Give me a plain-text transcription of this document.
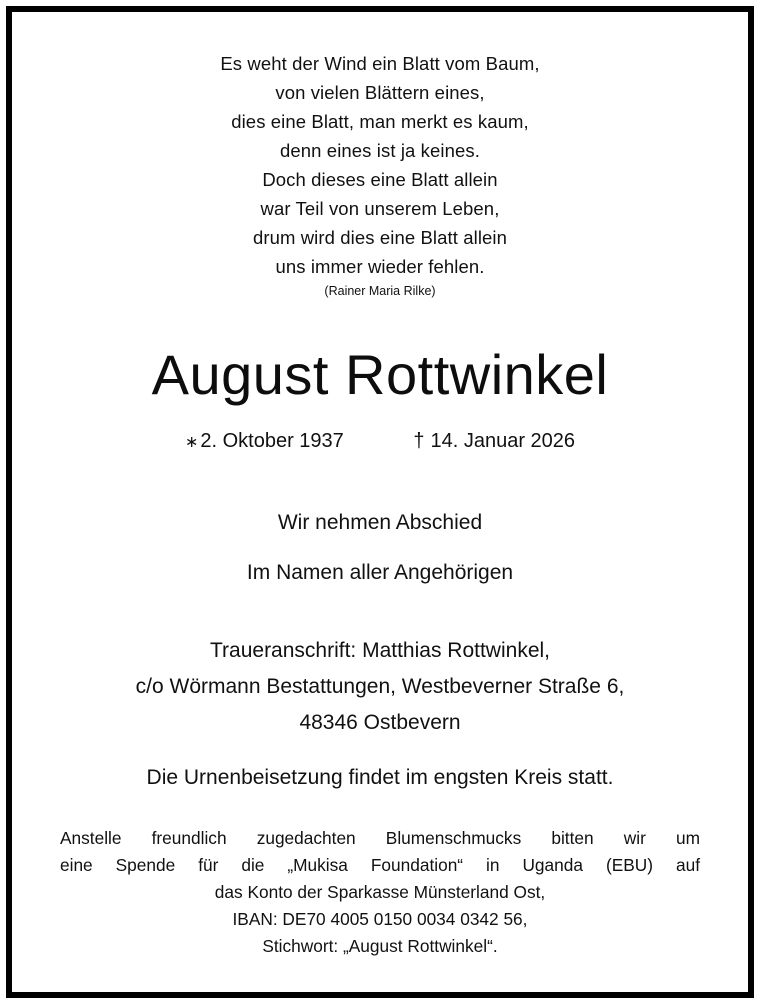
Es weht der Wind ein Blatt vom Baum,
von vielen Blättern eines,
dies eine Blatt, man merkt es kaum,
denn eines ist ja keines.
Doch dieses eine Blatt allein
war Teil von unserem Leben,
drum wird dies eine Blatt allein
uns immer wieder fehlen.
(Rainer Maria Rilke)
August Rottwinkel
∗ 2. Oktober 1937	† 14. Januar 2026
Wir nehmen Abschied
Im Namen aller Angehörigen
Traueranschrift: Matthias Rottwinkel,
c/o Wörmann Bestattungen, Westbeverner Straße 6,
48346 Ostbevern
Die Urnenbeisetzung findet im engsten Kreis statt.
Anstelle freundlich zugedachten Blumenschmucks bitten wir um
eine Spende für die „Mukisa Foundation“ in Uganda (EBU) auf
das Konto der Sparkasse Münsterland Ost,
IBAN: DE70 4005 0150 0034 0342 56,
Stichwort: „August Rottwinkel“.
